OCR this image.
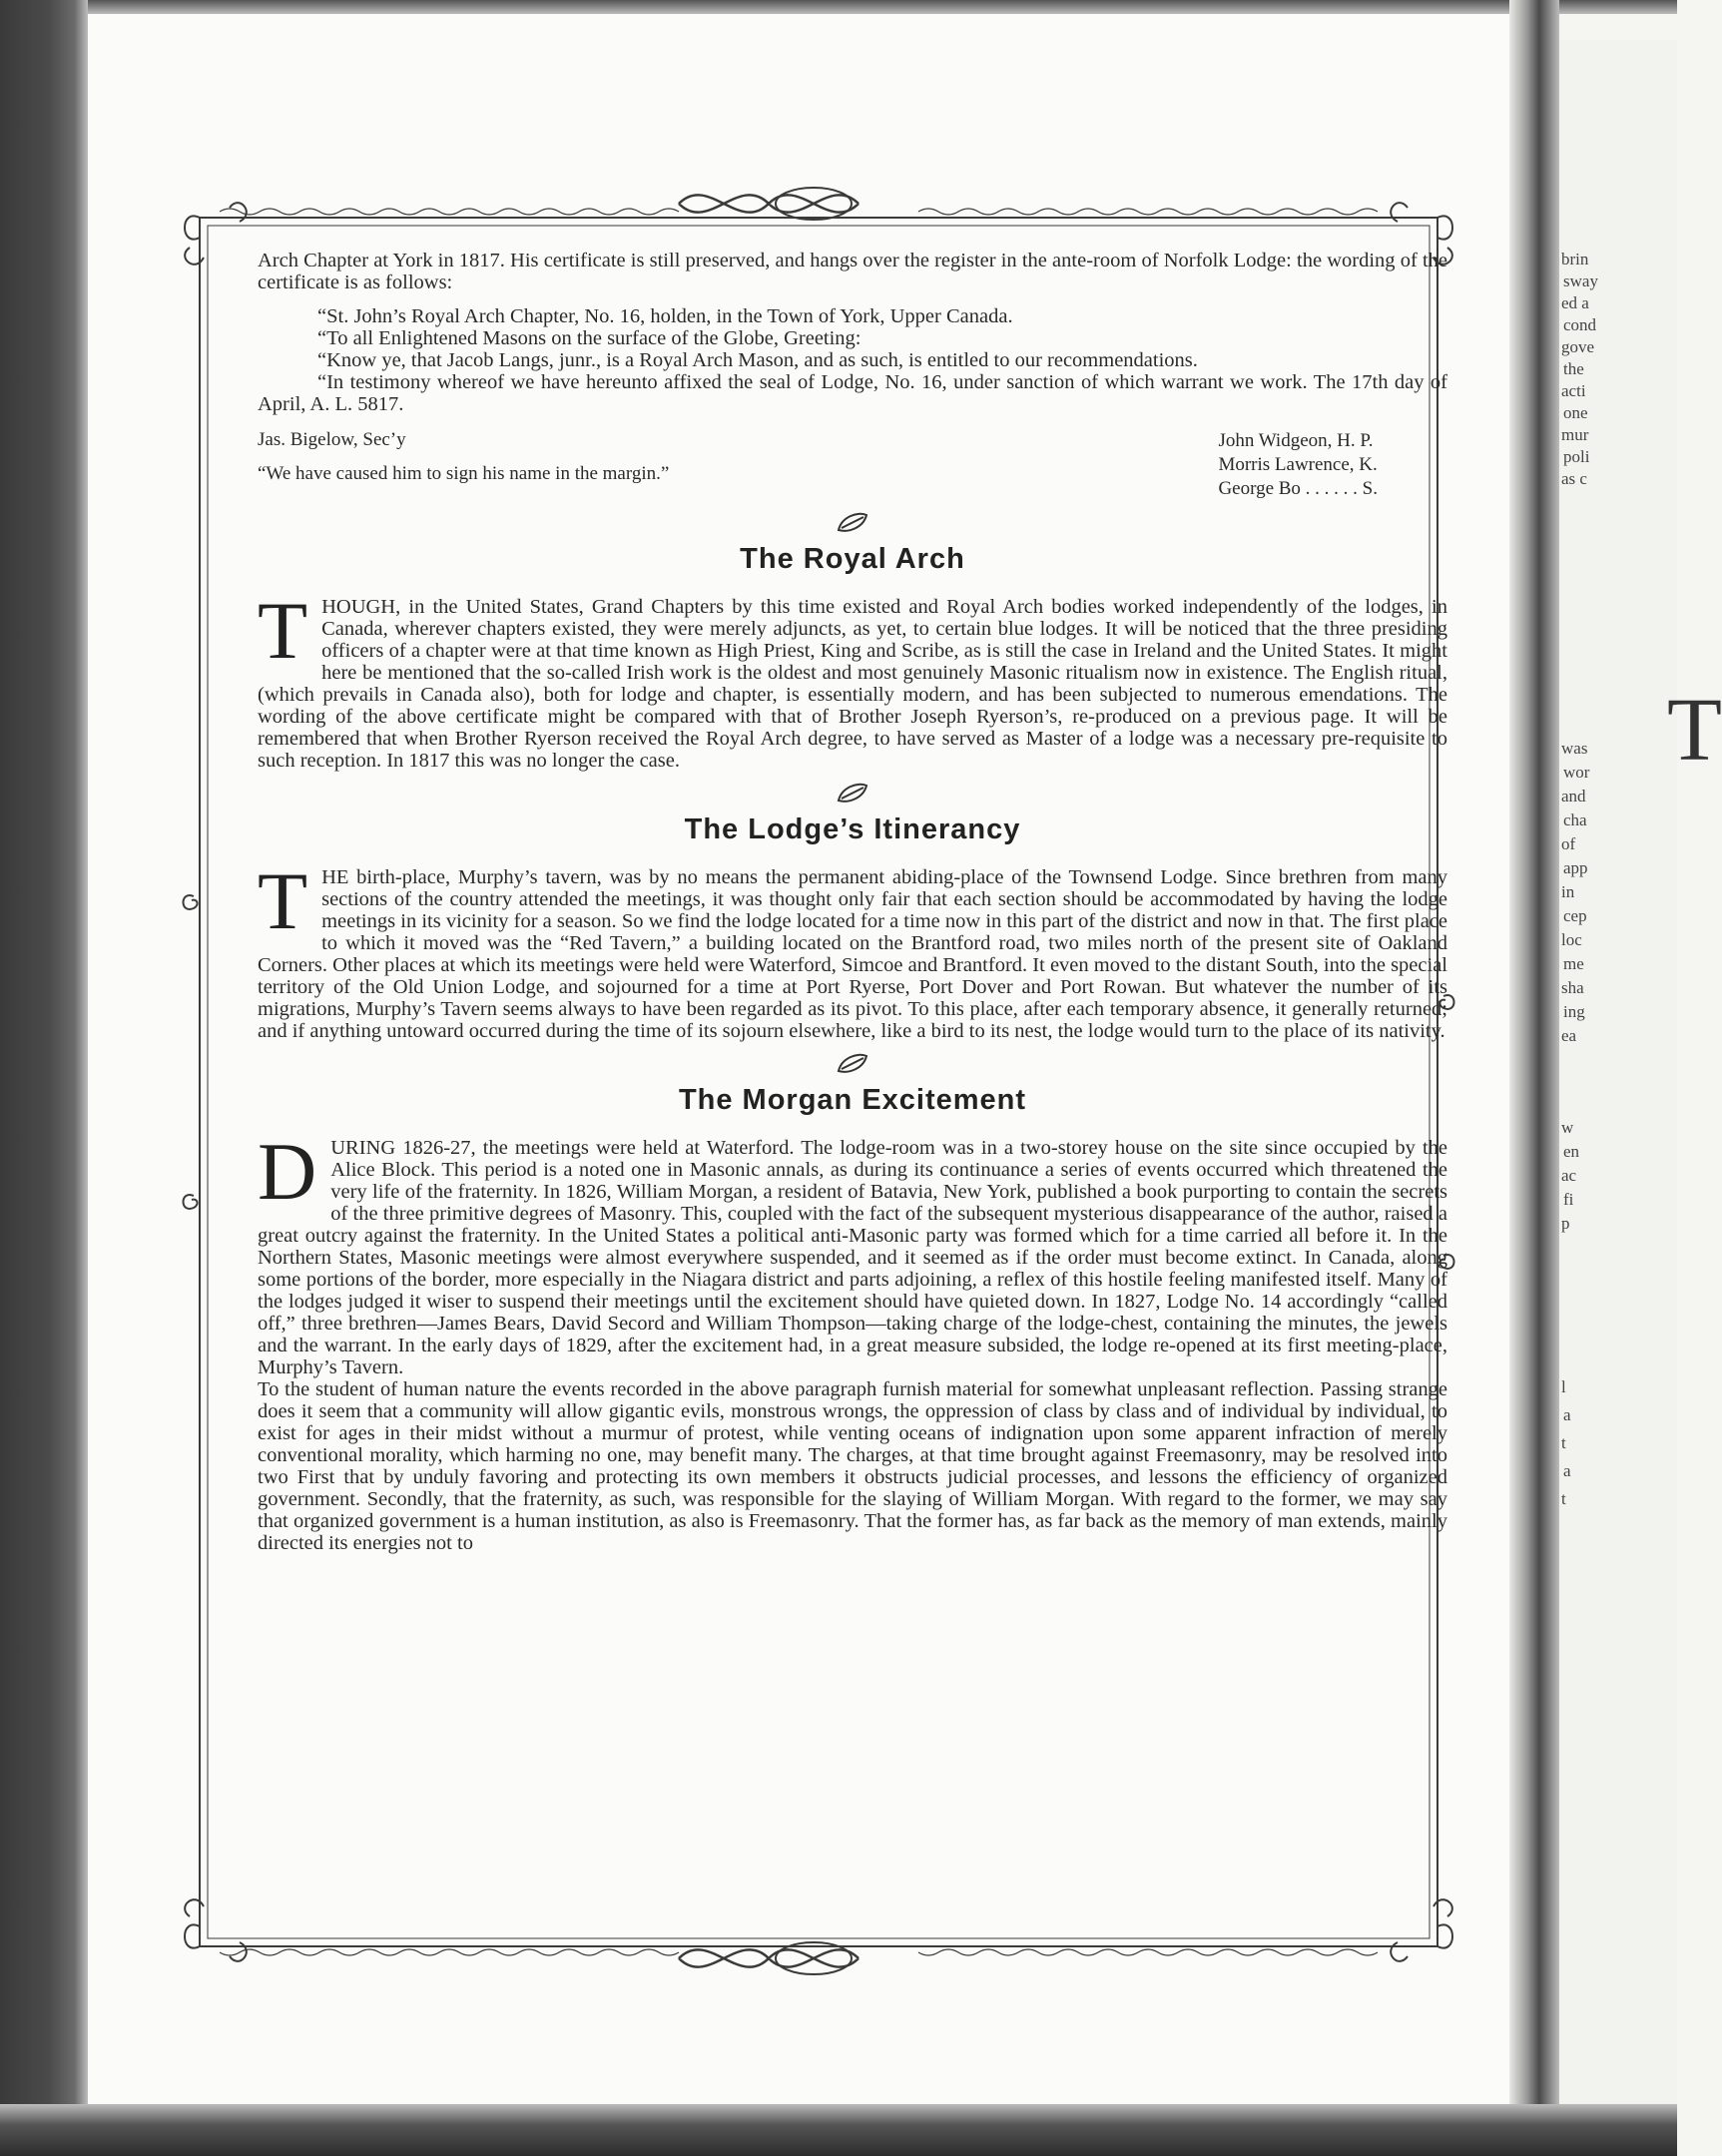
brin
sway
ed a
cond
gove
the
acti
one
mur
poli
as c
was
wor
and
cha
of
app
in
cep
loc
me
sha
ing
ea
w
en
ac
fi
p
l
a
t
a
t
T

Arch Chapter at York in 1817. His certificate is still preserved, and hangs over the register in the ante-room of Norfolk Lodge: the wording of the certificate is as follows:

“St. John’s Royal Arch Chapter, No. 16, holden, in the Town of York, Upper Canada.

“To all Enlightened Masons on the surface of the Globe, Greeting:

“Know ye, that Jacob Langs, junr., is a Royal Arch Mason, and as such, is entitled to our recommendations.

“In testimony whereof we have hereunto affixed the seal of Lodge, No. 16, under sanction of which warrant we work. The 17th day of April, A. L. 5817.

Jas. Bigelow, Sec’y
“We have caused him to sign his name in the margin.”
John Widgeon, H. P.
Morris Lawrence, K.
George Bo . . . . . . S.
The Royal Arch
T HOUGH, in the United States, Grand Chapters by this time existed and Royal Arch bodies worked independently of the lodges, in Canada, wherever chapters existed, they were merely adjuncts, as yet, to certain blue lodges. It will be noticed that the three presiding officers of a chapter were at that time known as High Priest, King and Scribe, as is still the case in Ireland and the United States. It might here be mentioned that the so-called Irish work is the oldest and most genuinely Masonic ritualism now in existence. The English ritual, (which prevails in Canada also), both for lodge and chapter, is essentially modern, and has been subjected to numerous emendations. The wording of the above certificate might be compared with that of Brother Joseph Ryerson’s, re-produced on a previous page. It will be remembered that when Brother Ryerson received the Royal Arch degree, to have served as Master of a lodge was a necessary pre-requisite to such reception. In 1817 this was no longer the case.

The Lodge’s Itinerancy
T HE birth-place, Murphy’s tavern, was by no means the permanent abiding-place of the Townsend Lodge. Since brethren from many sections of the country attended the meetings, it was thought only fair that each section should be accommodated by having the lodge meetings in its vicinity for a season. So we find the lodge located for a time now in this part of the district and now in that. The first place to which it moved was the “Red Tavern,” a building located on the Brantford road, two miles north of the present site of Oakland Corners. Other places at which its meetings were held were Waterford, Simcoe and Brantford. It even moved to the distant South, into the special territory of the Old Union Lodge, and sojourned for a time at Port Ryerse, Port Dover and Port Rowan. But whatever the number of its migrations, Murphy’s Tavern seems always to have been regarded as its pivot. To this place, after each temporary absence, it generally returned; and if anything untoward occurred during the time of its sojourn elsewhere, like a bird to its nest, the lodge would turn to the place of its nativity.

The Morgan Excitement
D URING 1826-27, the meetings were held at Waterford. The lodge-room was in a two-storey house on the site since occupied by the Alice Block. This period is a noted one in Masonic annals, as during its continuance a series of events occurred which threatened the very life of the fraternity. In 1826, William Morgan, a resident of Batavia, New York, published a book purporting to contain the secrets of the three primitive degrees of Masonry. This, coupled with the fact of the subsequent mysterious disappearance of the author, raised a great outcry against the fraternity. In the United States a political anti-Masonic party was formed which for a time carried all before it. In the Northern States, Masonic meetings were almost everywhere suspended, and it seemed as if the order must become extinct. In Canada, along some portions of the border, more especially in the Niagara district and parts adjoining, a reflex of this hostile feeling manifested itself. Many of the lodges judged it wiser to suspend their meetings until the excitement should have quieted down. In 1827, Lodge No. 14 accordingly “called off,” three brethren—James Bears, David Secord and William Thompson—taking charge of the lodge-chest, containing the minutes, the jewels and the warrant. In the early days of 1829, after the excitement had, in a great measure subsided, the lodge re-opened at its first meeting-place, Murphy’s Tavern.

To the student of human nature the events recorded in the above paragraph furnish material for somewhat unpleasant reflection. Passing strange does it seem that a community will allow gigantic evils, monstrous wrongs, the oppression of class by class and of individual by individual, to exist for ages in their midst without a murmur of protest, while venting oceans of indignation upon some apparent infraction of merely conventional morality, which harming no one, may benefit many. The charges, at that time brought against Freemasonry, may be resolved into two First that by unduly favoring and protecting its own members it obstructs judicial processes, and lessons the efficiency of organized government. Secondly, that the fraternity, as such, was responsible for the slaying of William Morgan. With regard to the former, we may say that organized government is a human institution, as also is Freemasonry. That the former has, as far back as the memory of man extends, mainly directed its energies not to
